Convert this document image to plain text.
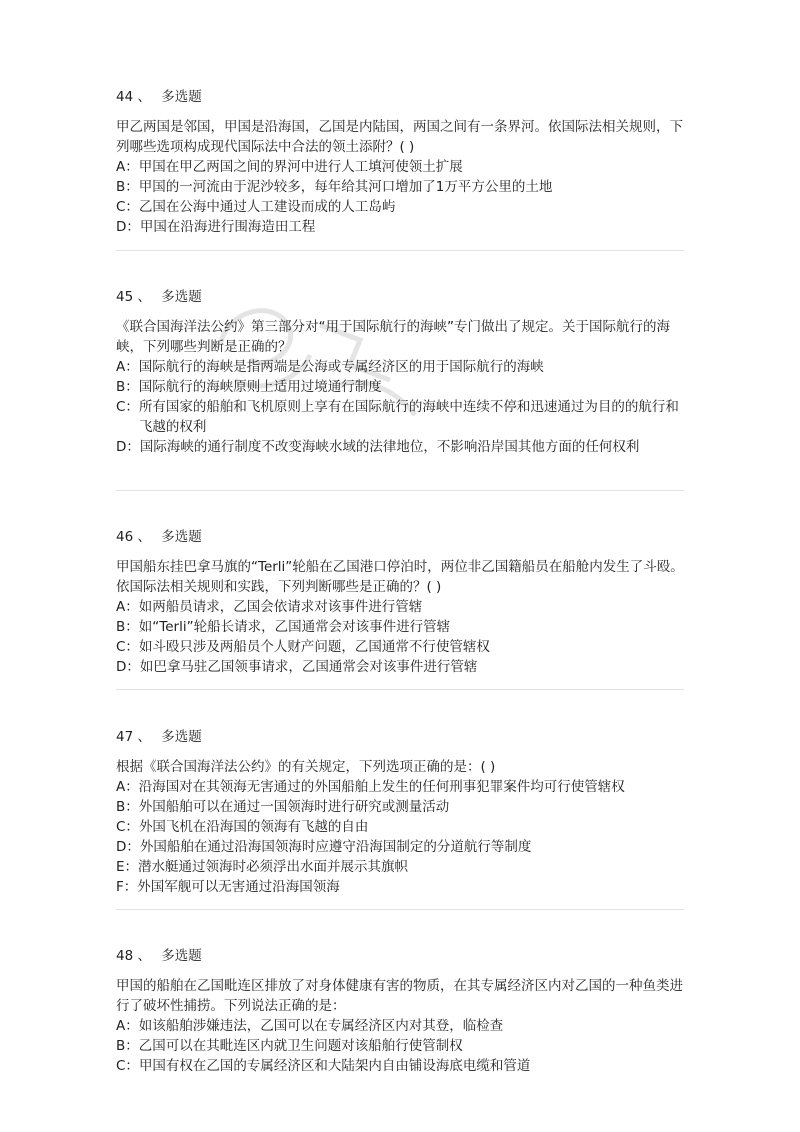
44 、 多选题
甲乙两国是邻国，甲国是沿海国，乙国是内陆国，两国之间有一条界河。依国际法相关规则，下列哪些选项构成现代国际法中合法的领土添附？( )
A： 甲国在甲乙两国之间的界河中进行人工填河使领土扩展
B： 甲国的一河流由于泥沙较多，每年给其河口增加了1万平方公里的土地
C： 乙国在公海中通过人工建设而成的人工岛屿
D： 甲国在沿海进行围海造田工程
45 、 多选题
《联合国海洋法公约》第三部分对“用于国际航行的海峡”专门做出了规定。关于国际航行的海峡，下列哪些判断是正确的？
A： 国际航行的海峡是指两端是公海或专属经济区的用于国际航行的海峡
B： 国际航行的海峡原则上适用过境通行制度
C： 所有国家的船舶和飞机原则上享有在国际航行的海峡中连续不停和迅速通过为目的的航行和飞越的权利
D： 国际海峡的通行制度不改变海峡水域的法律地位，不影响沿岸国其他方面的任何权利
46 、 多选题
甲国船东挂巴拿马旗的“Terli”轮船在乙国港口停泊时，两位非乙国籍船员在船舱内发生了斗殴。依国际法相关规则和实践，下列判断哪些是正确的？( )
A： 如两船员请求，乙国会依请求对该事件进行管辖
B： 如“Terli”轮船长请求，乙国通常会对该事件进行管辖
C： 如斗殴只涉及两船员个人财产问题，乙国通常不行使管辖权
D： 如巴拿马驻乙国领事请求，乙国通常会对该事件进行管辖
47 、 多选题
根据《联合国海洋法公约》的有关规定，下列选项正确的是：( )
A： 沿海国对在其领海无害通过的外国船舶上发生的任何刑事犯罪案件均可行使管辖权
B： 外国船舶可以在通过一国领海时进行研究或测量活动
C： 外国飞机在沿海国的领海有飞越的自由
D： 外国船舶在通过沿海国领海时应遵守沿海国制定的分道航行等制度
E： 潜水艇通过领海时必须浮出水面并展示其旗帜
F： 外国军舰可以无害通过沿海国领海
48 、 多选题
甲国的船舶在乙国毗连区排放了对身体健康有害的物质，在其专属经济区内对乙国的一种鱼类进行了破坏性捕捞。下列说法正确的是：
A： 如该船舶涉嫌违法，乙国可以在专属经济区内对其登，临检查
B： 乙国可以在其毗连区内就卫生问题对该船舶行使管制权
C： 甲国有权在乙国的专属经济区和大陆架内自由铺设海底电缆和管道
